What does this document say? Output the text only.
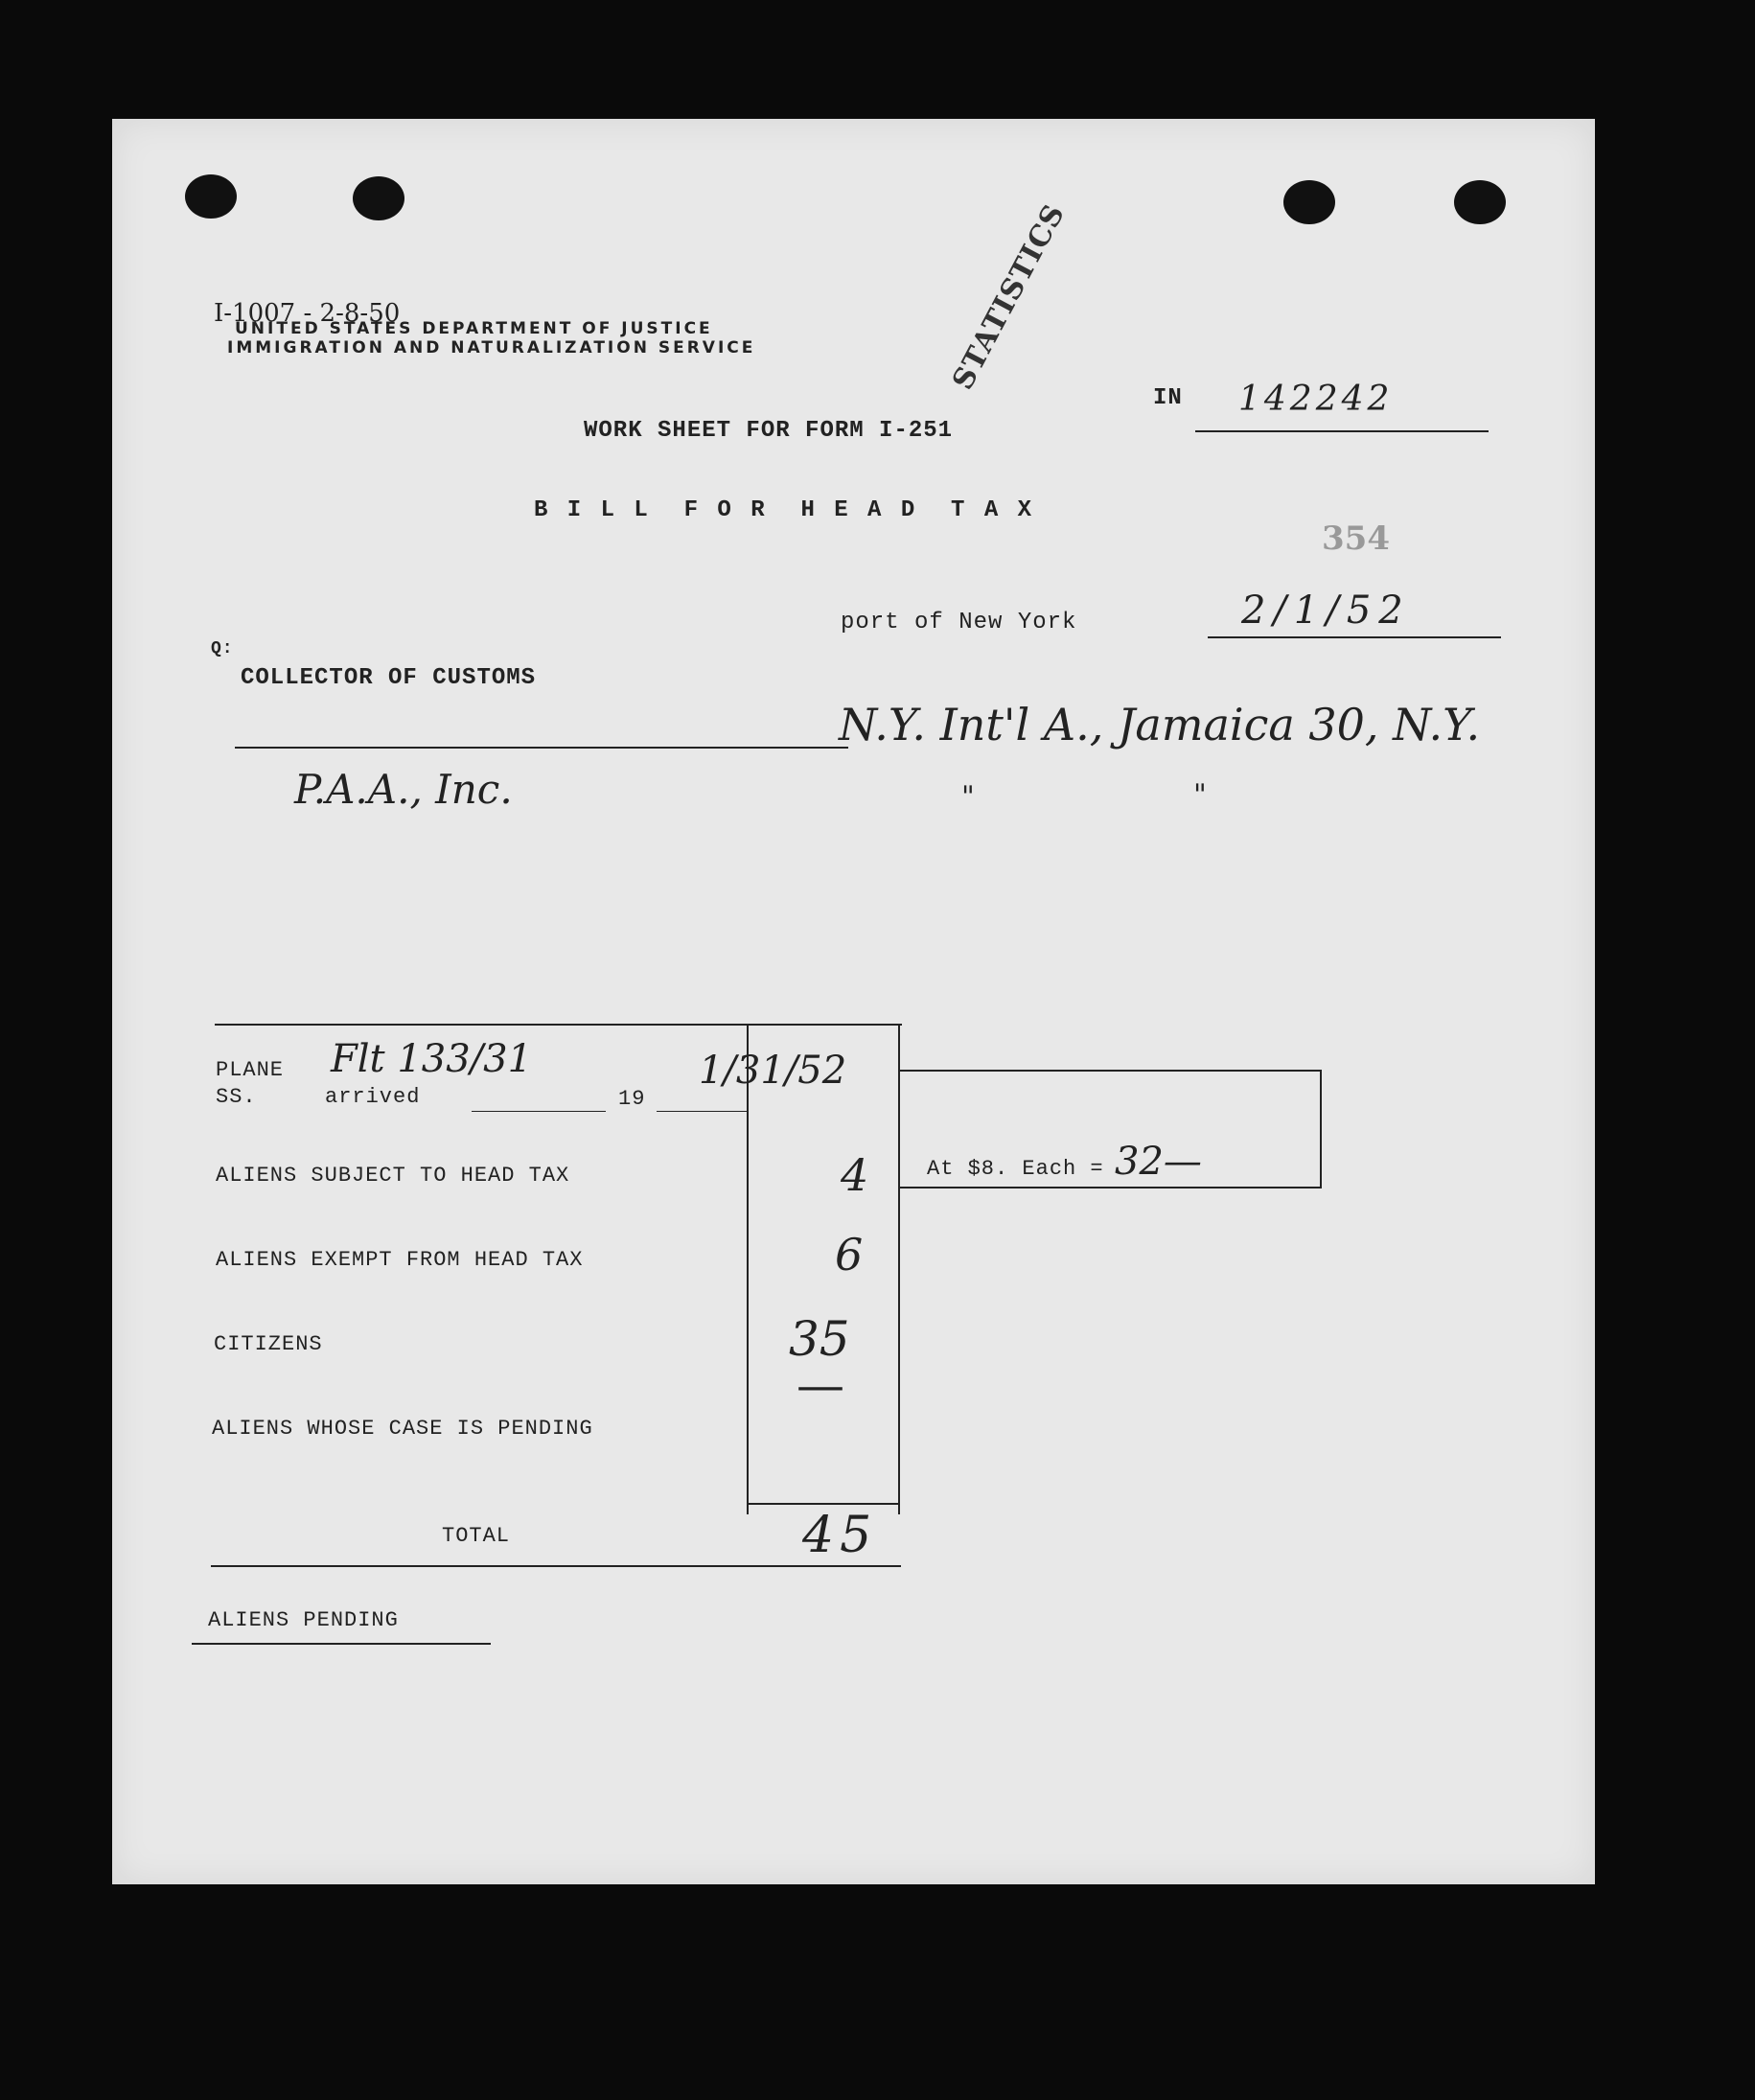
I-1007 - 2-8-50
UNITED STATES DEPARTMENT OF JUSTICE
IMMIGRATION AND NATURALIZATION SERVICE	STATISTICS
IN 142242
WORK SHEET FOR FORM I-251
B I L L  F O R  H E A D  T A X
354
port of New York	2/1/52
Q:
COLLECTOR OF CUSTOMS
N.Y. Int'l A., Jamaica 30, N.Y.
P.A.A., Inc.	"	"
PLANE
SS.	arrived	19
Flt 133/31	1/31/52
ALIENS SUBJECT TO HEAD TAX	4
ALIENS EXEMPT FROM HEAD TAX	6
CITIZENS	35
ALIENS WHOSE CASE IS PENDING
—
TOTAL	45
At $8. Each = 32—
ALIENS PENDING
